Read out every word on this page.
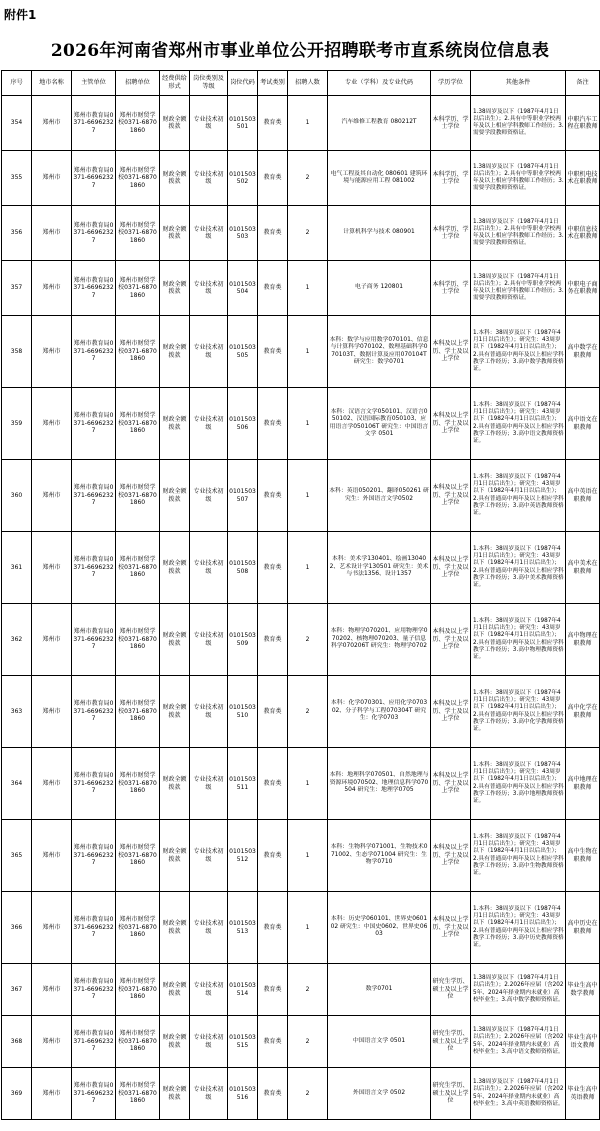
附件1
2026年河南省郑州市事业单位公开招聘联考市直系统岗位信息表
序号	地市名称	主管单位	招聘单位	经费供给形式	岗位类别及等级	岗位代码	考试类别	招聘人数	专业（学科）及专业代码	学历学位	其他条件	备注
354	郑州市	郑州市教育局0371-66962327	郑州市财贸学校0371-68701860	财政全额拨款	专业技术初级	0101503501	教育类	1	汽车维修工程教育 080212T	本科学历、学士学位	1.38周岁及以下（1987年4月1日以后出生）；2.具有中等职业学校两年及以上相应学科教师工作经历；3.需要学段教师资格证。	中职汽车工程在职教师
355	郑州市	郑州市教育局0371-66962327	郑州市财贸学校0371-68701860	财政全额拨款	专业技术初级	0101503502	教育类	2	电气工程及其自动化 080601 建筑环境与能源应用工程 081002	本科学历、学士学位	1.38周岁及以下（1987年4月1日以后出生）；2.具有中等职业学校两年及以上相应学科教师工作经历；3.需要学段教师资格证。	中职机电技术在职教师
356	郑州市	郑州市教育局0371-66962327	郑州市财贸学校0371-68701860	财政全额拨款	专业技术初级	0101503503	教育类	2	计算机科学与技术 080901	本科学历、学士学位	1.38周岁及以下（1987年4月1日以后出生）；2.具有中等职业学校两年及以上相应学科教师工作经历；3.需要学段教师资格证。	中职信息技术在职教师
357	郑州市	郑州市教育局0371-66962327	郑州市财贸学校0371-68701860	财政全额拨款	专业技术初级	0101503504	教育类	1	电子商务 120801	本科学历、学士学位	1.38周岁及以下（1987年4月1日以后出生）；2.具有中等职业学校两年及以上相应学科教师工作经历；3.需要学段教师资格证。	中职电子商务在职教师
358	郑州市	郑州市教育局0371-66962327	郑州市财贸学校0371-68701860	财政全额拨款	专业技术初级	0101503505	教育类	1	本科：数学与应用数学070101、信息与计算科学070102、数理基础科学070103T、数据计算及应用070104T 研究生：数学0701	本科及以上学历、学士及以上学位	1.本科：38周岁及以下（1987年4月1日以后出生）；研究生：43周岁以下（1982年4月1日以后出生）；2.具有普通高中两年及以上相应学科教学工作经历；3.高中数学教师资格证。	高中数学在职教师
359	郑州市	郑州市教育局0371-66962327	郑州市财贸学校0371-68701860	财政全额拨款	专业技术初级	0101503506	教育类	1	本科：汉语言文学050101、汉语言050102、汉语国际教育050103、应用语言学050106T 研究生：中国语言文学 0501	本科及以上学历、学士及以上学位	1.本科：38周岁及以下（1987年4月1日以后出生）；研究生：43周岁以下（1982年4月1日以后出生）；2.具有普通高中两年及以上相应学科教学工作经历；3.高中语文教师资格证。	高中语文在职教师
360	郑州市	郑州市教育局0371-66962327	郑州市财贸学校0371-68701860	财政全额拨款	专业技术初级	0101503507	教育类	1	本科：英语050201、翻译050261 研究生：外国语言文学0502	本科及以上学历、学士及以上学位	1.本科：38周岁及以下（1987年4月1日以后出生）；研究生：43周岁以下（1982年4月1日以后出生）；2.具有普通高中两年及以上相应学科教学工作经历；3.高中英语教师资格证。	高中英语在职教师
361	郑州市	郑州市教育局0371-66962327	郑州市财贸学校0371-68701860	财政全额拨款	专业技术初级	0101503508	教育类	1	本科：美术学130401、绘画130402、艺术设计学130501 研究生：美术与书法1356、设计1357	本科及以上学历、学士及以上学位	1.本科：38周岁及以下（1987年4月1日以后出生）；研究生：43周岁以下（1982年4月1日以后出生）；2.具有普通高中两年及以上相应学科教学工作经历；3.高中美术教师资格证。	高中美术在职教师
362	郑州市	郑州市教育局0371-66962327	郑州市财贸学校0371-68701860	财政全额拨款	专业技术初级	0101503509	教育类	2	本科：物理学070201、应用物理学070202、核物理070203、量子信息科学070206T 研究生：物理学0702	本科及以上学历、学士及以上学位	1.本科：38周岁及以下（1987年4月1日以后出生）；研究生：43周岁以下（1982年4月1日以后出生）；2.具有普通高中两年及以上相应学科教学工作经历；3.高中物理教师资格证。	高中物理在职教师
363	郑州市	郑州市教育局0371-66962327	郑州市财贸学校0371-68701860	财政全额拨款	专业技术初级	0101503510	教育类	2	本科：化学070301、应用化学070302、分子科学与工程070304T 研究生：化学0703	本科及以上学历、学士及以上学位	1.本科：38周岁及以下（1987年4月1日以后出生）；研究生：43周岁以下（1982年4月1日以后出生）；2.具有普通高中两年及以上相应学科教学工作经历；3.高中化学教师资格证。	高中化学在职教师
364	郑州市	郑州市教育局0371-66962327	郑州市财贸学校0371-68701860	财政全额拨款	专业技术初级	0101503511	教育类	1	本科：地理科学070501、自然地理与资源环境070502、地理信息科学070504 研究生：地理学0705	本科及以上学历、学士及以上学位	1.本科：38周岁及以下（1987年4月1日以后出生）；研究生：43周岁以下（1982年4月1日以后出生）；2.具有普通高中两年及以上相应学科教学工作经历；3.高中地理教师资格证。	高中地理在职教师
365	郑州市	郑州市教育局0371-66962327	郑州市财贸学校0371-68701860	财政全额拨款	专业技术初级	0101503512	教育类	1	本科：生物科学071001、生物技术071002、生态学071004 研究生：生物学0710	本科及以上学历、学士及以上学位	1.本科：38周岁及以下（1987年4月1日以后出生）；研究生：43周岁以下（1982年4月1日以后出生）；2.具有普通高中两年及以上相应学科教学工作经历；3.高中生物教师资格证。	高中生物在职教师
366	郑州市	郑州市教育局0371-66962327	郑州市财贸学校0371-68701860	财政全额拨款	专业技术初级	0101503513	教育类	1	本科：历史学060101、世界史060102 研究生：中国史0602、世界史0603	本科及以上学历、学士及以上学位	1.本科：38周岁及以下（1987年4月1日以后出生）；研究生：43周岁以下（1982年4月1日以后出生）；2.具有普通高中两年及以上相应学科教学工作经历；3.高中历史教师资格证。	高中历史在职教师
367	郑州市	郑州市教育局0371-66962327	郑州市财贸学校0371-68701860	财政全额拨款	专业技术初级	0101503514	教育类	2	数学0701	研究生学历、硕士及以上学位	1.38周岁及以下（1987年4月1日以后出生）；2.2026年应届（含2025年、2024年择业期内未就业）高校毕业生；3.高中数学教师资格证。	毕业生高中数学教师
368	郑州市	郑州市教育局0371-66962327	郑州市财贸学校0371-68701860	财政全额拨款	专业技术初级	0101503515	教育类	2	中国语言文学 0501	研究生学历、硕士及以上学位	1.38周岁及以下（1987年4月1日以后出生）；2.2026年应届（含2025年、2024年择业期内未就业）高校毕业生；3.高中语文教师资格证。	毕业生高中语文教师
369	郑州市	郑州市教育局0371-66962327	郑州市财贸学校0371-68701860	财政全额拨款	专业技术初级	0101503516	教育类	2	外国语言文学 0502	研究生学历、硕士及以上学位	1.38周岁及以下（1987年4月1日以后出生）；2.2026年应届（含2025年、2024年择业期内未就业）高校毕业生；3.高中英语教师资格证。	毕业生高中英语教师
